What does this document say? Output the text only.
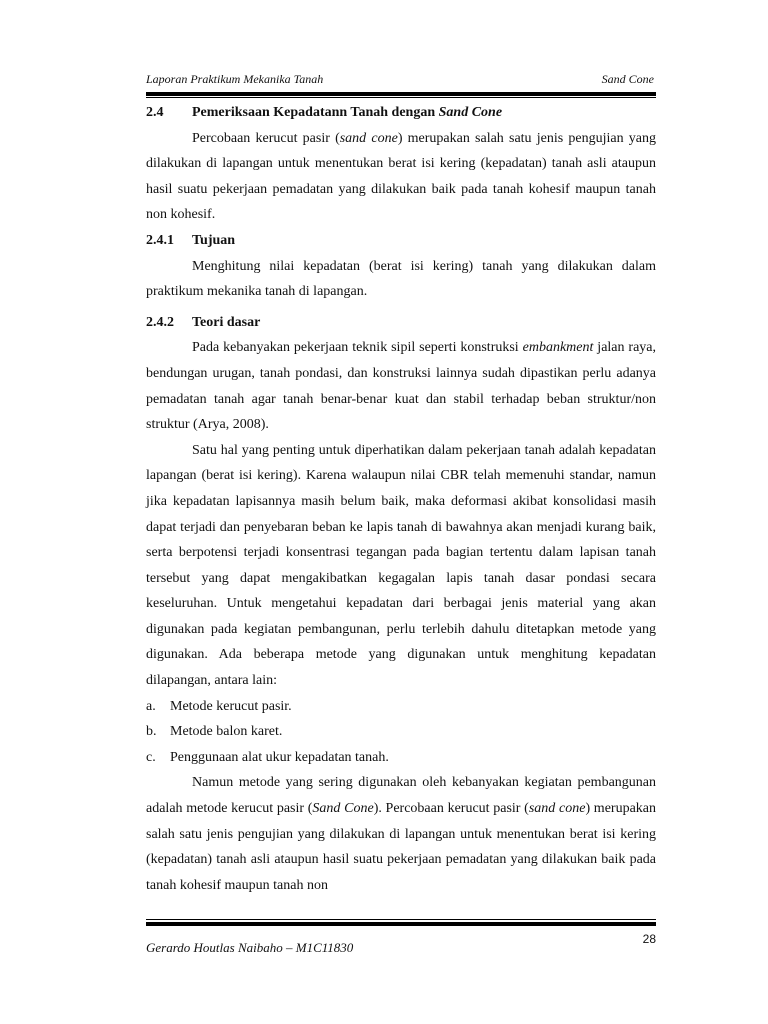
Laporan Praktikum Mekanika Tanah	Sand Cone
2.4	Pemeriksaan Kepadatann Tanah dengan Sand Cone
Percobaan kerucut pasir (sand cone) merupakan salah satu jenis pengujian yang dilakukan di lapangan untuk menentukan berat isi kering (kepadatan) tanah asli ataupun hasil suatu pekerjaan pemadatan yang dilakukan baik pada tanah kohesif maupun tanah non kohesif.
2.4.1	Tujuan
Menghitung nilai kepadatan (berat isi kering) tanah yang dilakukan dalam praktikum mekanika tanah di lapangan.
2.4.2	Teori dasar
Pada kebanyakan pekerjaan teknik sipil seperti konstruksi embankment jalan raya, bendungan urugan, tanah pondasi, dan konstruksi lainnya sudah dipastikan perlu adanya pemadatan tanah agar tanah benar-benar kuat dan stabil terhadap beban struktur/non struktur (Arya, 2008).
Satu hal yang penting untuk diperhatikan dalam pekerjaan tanah adalah kepadatan lapangan (berat isi kering). Karena walaupun nilai CBR telah memenuhi standar, namun jika kepadatan lapisannya masih belum baik, maka deformasi akibat konsolidasi masih dapat terjadi dan penyebaran beban ke lapis tanah di bawahnya akan menjadi kurang baik, serta berpotensi terjadi konsentrasi tegangan pada bagian tertentu dalam lapisan tanah tersebut yang dapat mengakibatkan kegagalan lapis tanah dasar pondasi secara keseluruhan. Untuk mengetahui kepadatan dari berbagai jenis material yang akan digunakan pada kegiatan pembangunan, perlu terlebih dahulu ditetapkan metode yang digunakan. Ada beberapa metode yang digunakan untuk menghitung kepadatan dilapangan, antara lain:
a.	Metode kerucut pasir.
b. Metode balon karet.
c.	Penggunaan alat ukur kepadatan tanah.
Namun metode yang sering digunakan oleh kebanyakan kegiatan pembangunan adalah metode kerucut pasir (Sand Cone). Percobaan kerucut pasir (sand cone) merupakan salah satu jenis pengujian yang dilakukan di lapangan untuk menentukan berat isi kering (kepadatan) tanah asli ataupun hasil suatu pekerjaan pemadatan yang dilakukan baik pada tanah kohesif maupun tanah non
Gerardo Houtlas Naibaho – M1C11830
28
